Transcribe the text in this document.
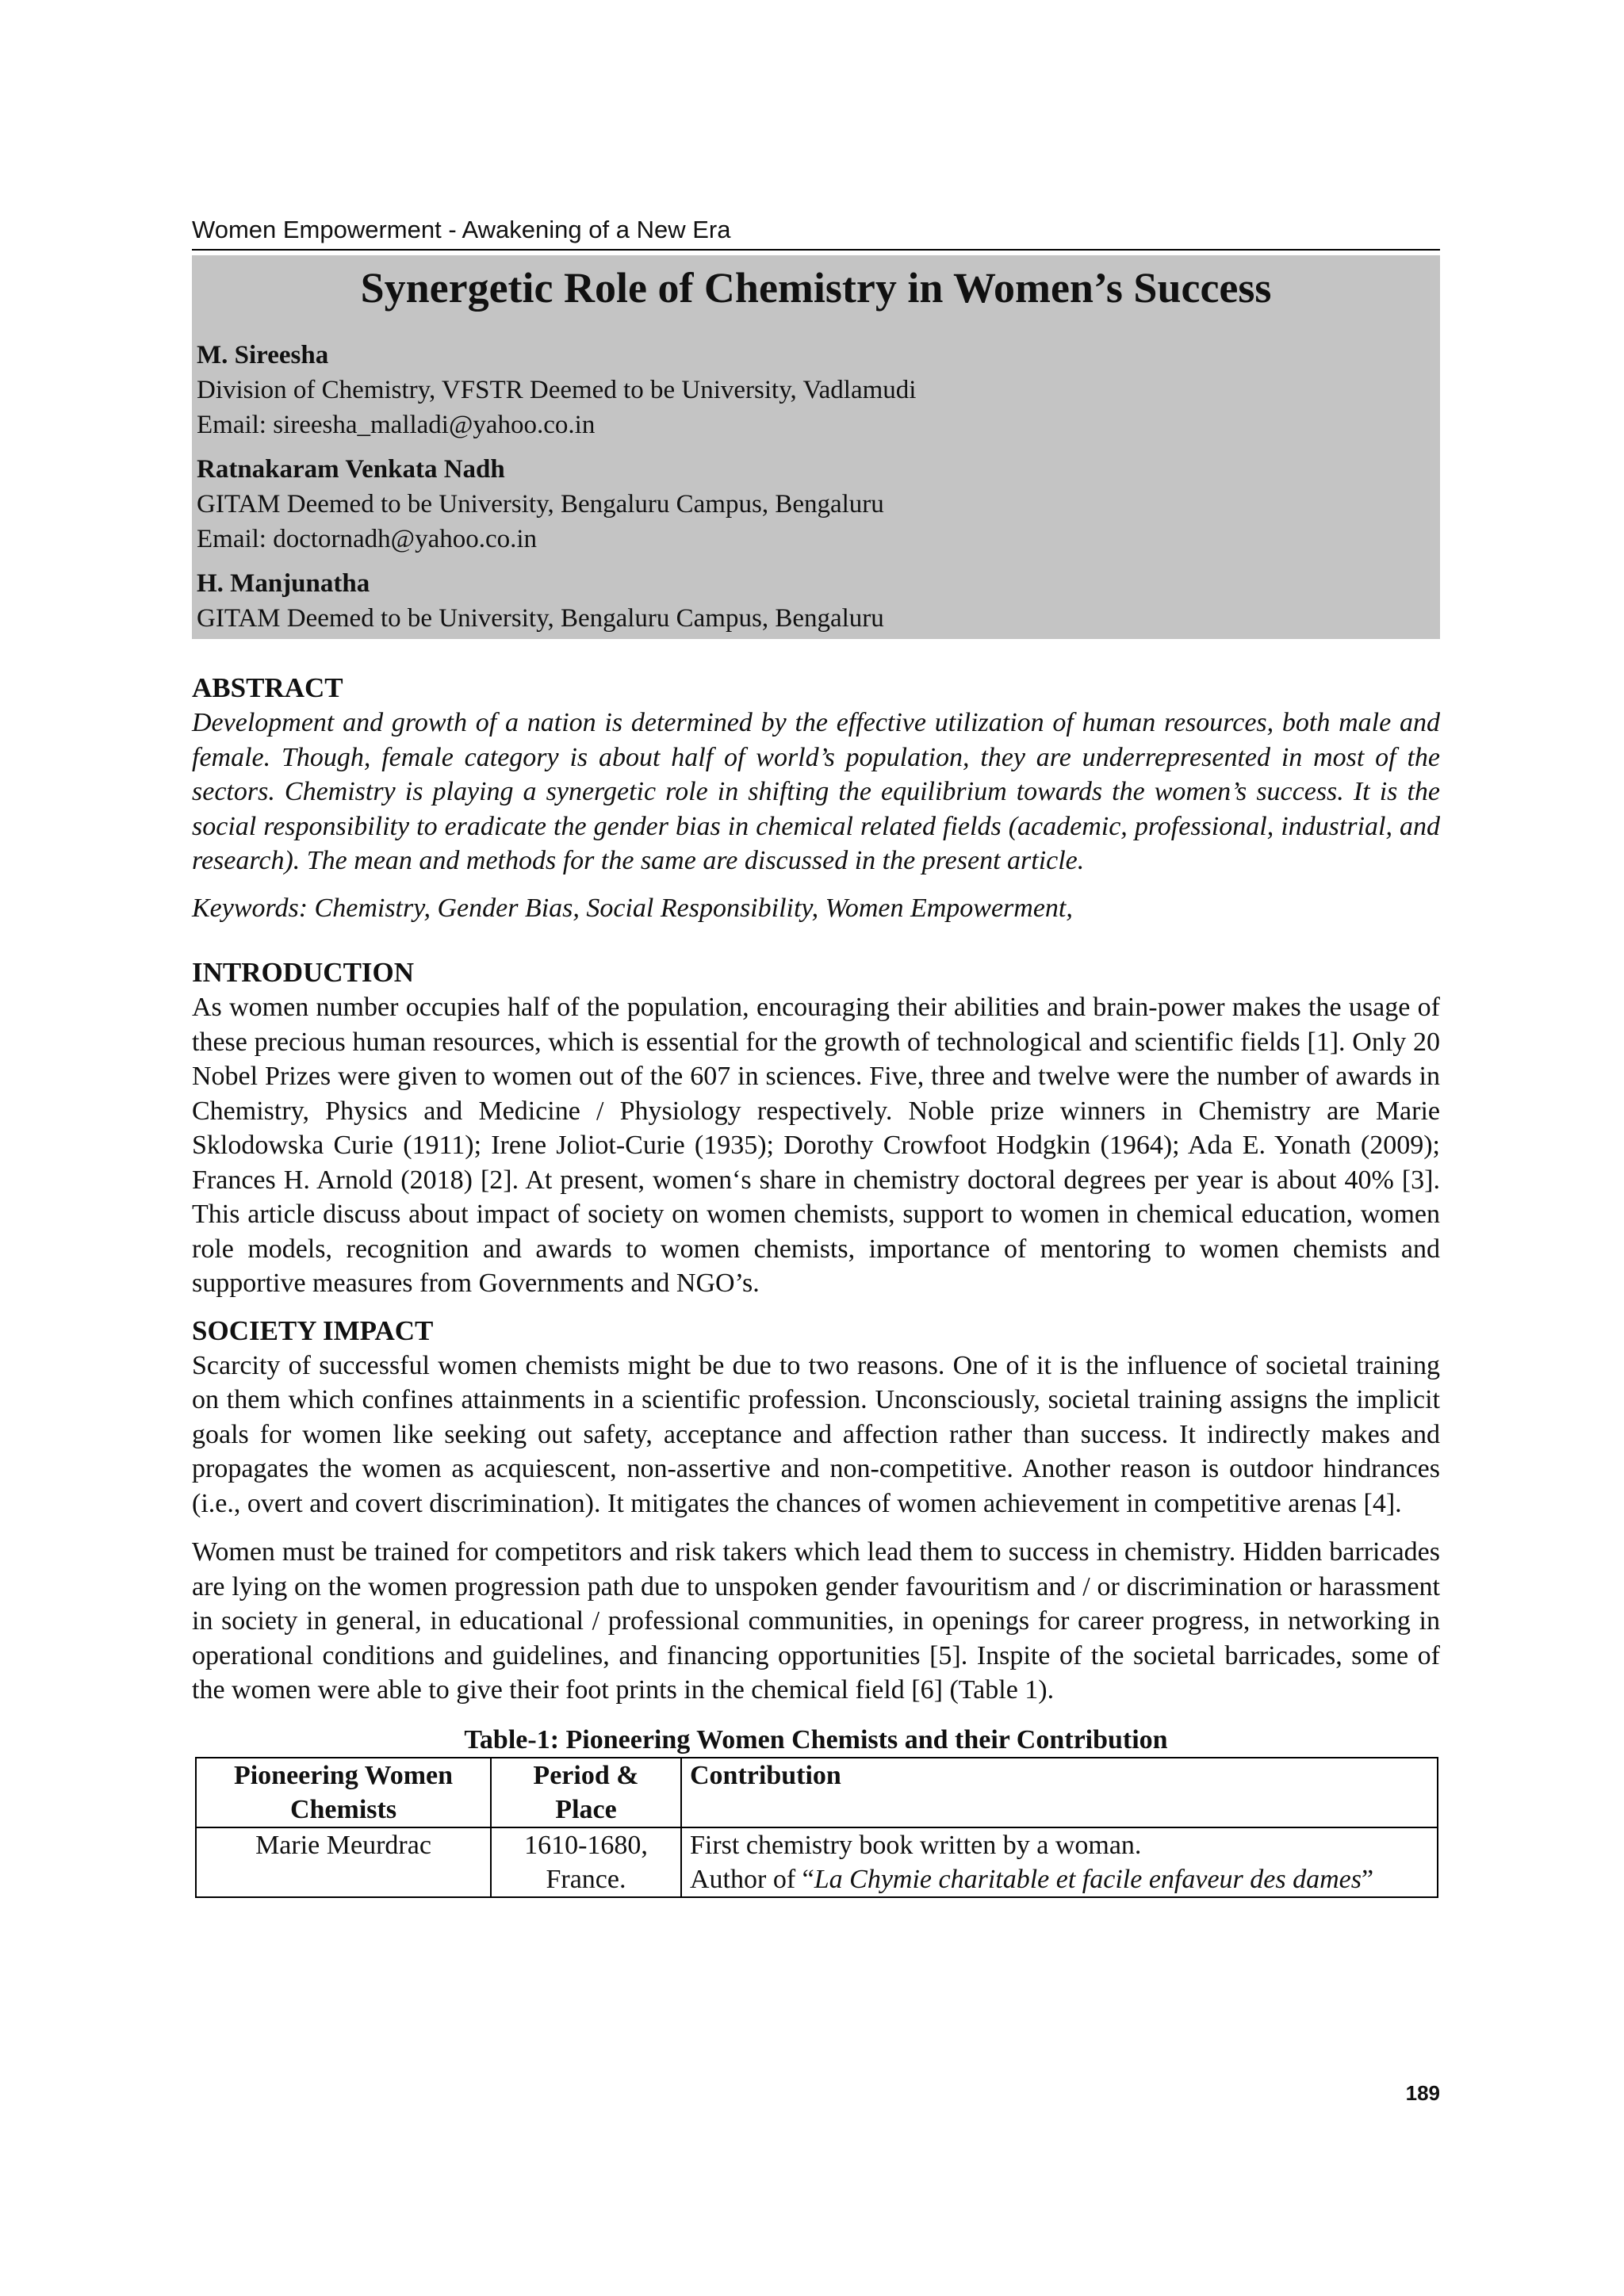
Women Empowerment - Awakening of a New Era
Synergetic Role of Chemistry in Women’s Success
M. Sireesha
Division of Chemistry, VFSTR Deemed to be University, Vadlamudi
Email: sireesha_malladi@yahoo.co.in
Ratnakaram Venkata Nadh
GITAM Deemed to be University, Bengaluru Campus, Bengaluru
Email: doctornadh@yahoo.co.in
H. Manjunatha
GITAM Deemed to be University, Bengaluru Campus, Bengaluru
ABSTRACT

Development and growth of a nation is determined by the effective utilization of human resources, both male and female. Though, female category is about half of world’s population, they are underrepresented in most of the sectors. Chemistry is playing a synergetic role in shifting the equilibrium towards the women’s success. It is the social responsibility to eradicate the gender bias in chemical related fields (academic, professional, industrial, and research). The mean and methods for the same are discussed in the present article.

Keywords: Chemistry, Gender Bias, Social Responsibility, Women Empowerment,

INTRODUCTION

As women number occupies half of the population, encouraging their abilities and brain-power makes the usage of these precious human resources, which is essential for the growth of technological and scientific fields [1]. Only 20 Nobel Prizes were given to women out of the 607 in sciences. Five, three and twelve were the number of awards in Chemistry, Physics and Medicine / Physiology respectively. Noble prize winners in Chemistry are Marie Sklodowska Curie (1911); Irene Joliot-Curie (1935); Dorothy Crowfoot Hodgkin (1964); Ada E. Yonath (2009); Frances H. Arnold (2018) [2]. At present, women‘s share in chemistry doctoral degrees per year is about 40% [3]. This article discuss about impact of society on women chemists, support to women in chemical education, women role models, recognition and awards to women chemists, importance of mentoring to women chemists and supportive measures from Governments and NGO’s.

SOCIETY IMPACT

Scarcity of successful women chemists might be due to two reasons. One of it is the influence of societal training on them which confines attainments in a scientific profession. Unconsciously, societal training assigns the implicit goals for women like seeking out safety, acceptance and affection rather than success. It indirectly makes and propagates the women as acquiescent, non-assertive and non-competitive. Another reason is outdoor hindrances (i.e., overt and covert discrimination). It mitigates the chances of women achievement in competitive arenas [4].

Women must be trained for competitors and risk takers which lead them to success in chemistry. Hidden barricades are lying on the women progression path due to unspoken gender favouritism and / or discrimination or harassment in society in general, in educational / professional communities, in openings for career progress, in networking in operational conditions and guidelines, and financing opportunities [5]. Inspite of the societal barricades, some of the women were able to give their foot prints in the chemical field [6] (Table 1).

Table-1: Pioneering Women Chemists and their Contribution
Pioneering Women Chemists	Period & Place	Contribution
Marie Meurdrac	1610-1680, France.	First chemistry book written by a woman.
Author of “La Chymie charitable et facile enfaveur des dames”
189
